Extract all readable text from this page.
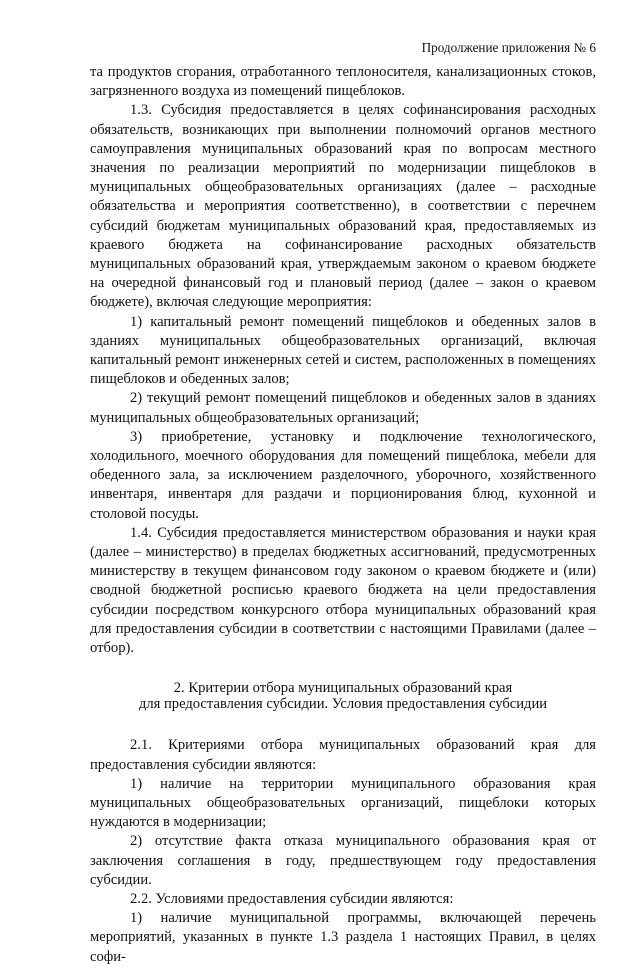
Продолжение приложения № 6

та продуктов сгорания, отработанного теплоносителя, канализационных стоков, загрязненного воздуха из помещений пищеблоков.

1.3. Субсидия предоставляется в целях софинансирования расходных обязательств, возникающих при выполнении полномочий органов местного самоуправления муниципальных образований края по вопросам местного значения по реализации мероприятий по модернизации пищеблоков в муниципальных общеобразовательных организациях (далее – расходные обязательства и мероприятия соответственно), в соответствии с перечнем субсидий бюджетам муниципальных образований края, предоставляемых из краевого бюджета на софинансирование расходных обязательств муниципальных образований края, утверждаемым законом о краевом бюджете на очередной финансовый год и плановый период (далее – закон о краевом бюджете), включая следующие мероприятия:

1) капитальный ремонт помещений пищеблоков и обеденных залов в зданиях муниципальных общеобразовательных организаций, включая капитальный ремонт инженерных сетей и систем, расположенных в помещениях пищеблоков и обеденных залов;

2) текущий ремонт помещений пищеблоков и обеденных залов в зданиях муниципальных общеобразовательных организаций;

3) приобретение, установку и подключение технологического, холодильного, моечного оборудования для помещений пищеблока, мебели для обеденного зала, за исключением разделочного, уборочного, хозяйственного инвентаря, инвентаря для раздачи и порционирования блюд, кухонной и столовой посуды.

1.4. Субсидия предоставляется министерством образования и науки края (далее – министерство) в пределах бюджетных ассигнований, предусмотренных министерству в текущем финансовом году законом о краевом бюджете и (или) сводной бюджетной росписью краевого бюджета на цели предоставления субсидии посредством конкурсного отбора муниципальных образований края для предоставления субсидии в соответствии с настоящими Правилами (далее – отбор).

2. Критерии отбора муниципальных образований края
для предоставления субсидии. Условия предоставления субсидии

2.1. Критериями отбора муниципальных образований края для предоставления субсидии являются:

1) наличие на территории муниципального образования края муниципальных общеобразовательных организаций, пищеблоки которых нуждаются в модернизации;

2) отсутствие факта отказа муниципального образования края от заключения соглашения в году, предшествующем году предоставления субсидии.

2.2. Условиями предоставления субсидии являются:

1) наличие муниципальной программы, включающей перечень мероприятий, указанных в пункте 1.3 раздела 1 настоящих Правил, в целях софи-
